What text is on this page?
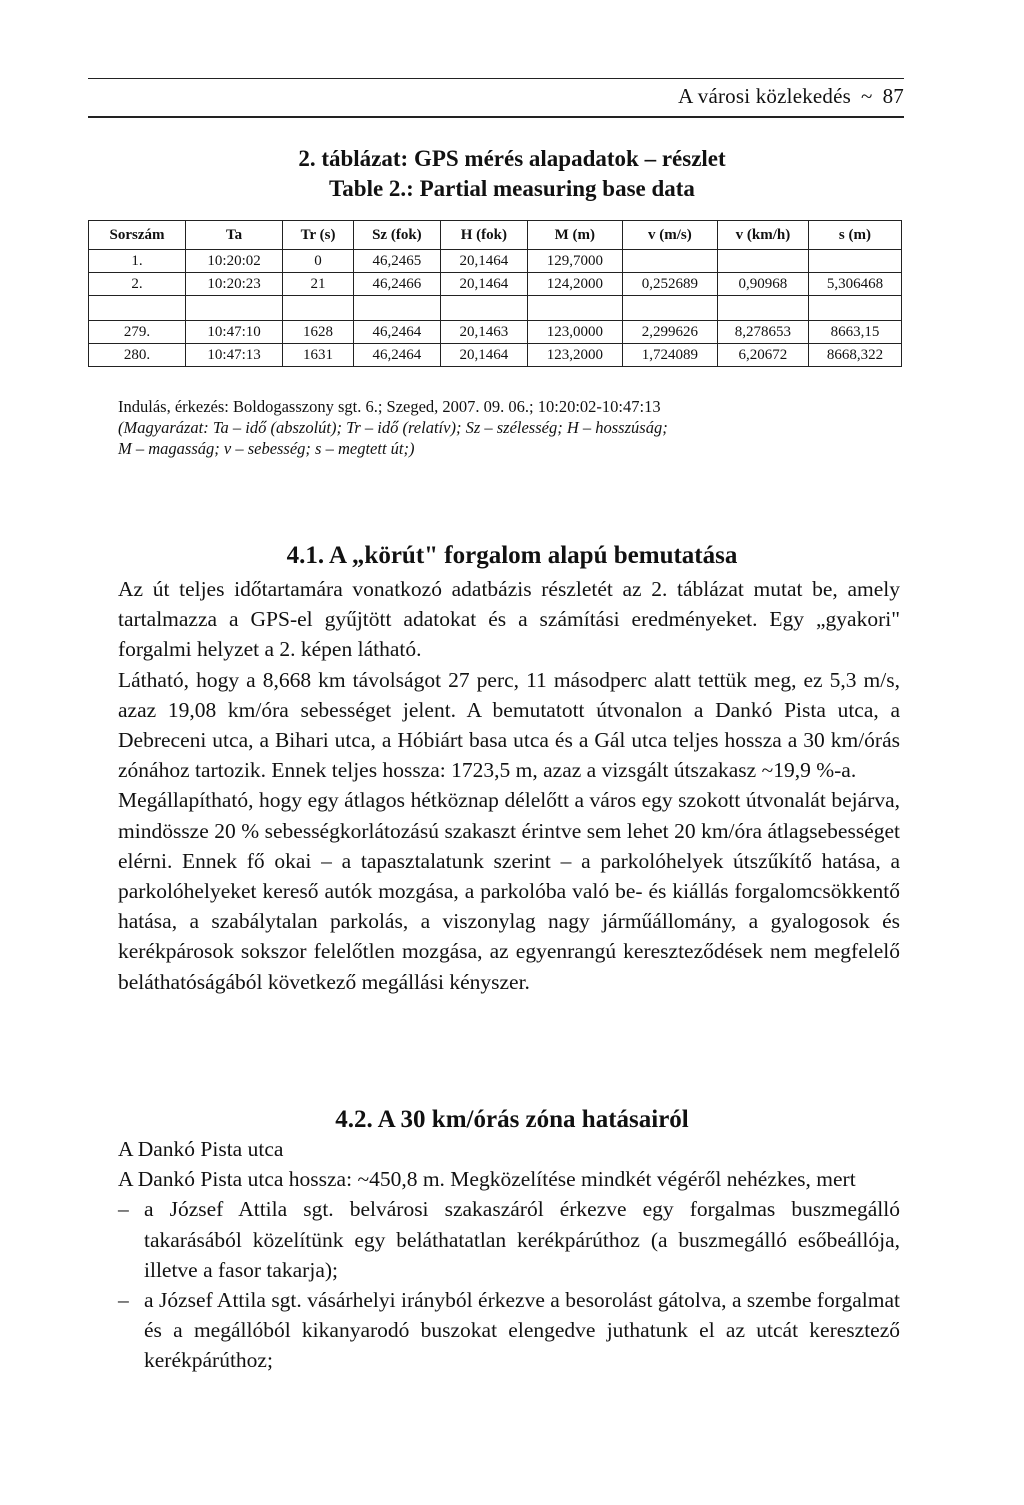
A városi közlekedés ~ 87
2. táblázat: GPS mérés alapadatok – részlet
Table 2.: Partial measuring base data
Sorszám	Ta	Tr (s)	Sz (fok)	H (fok)	M (m)	v (m/s)	v (km/h)	s (m)
1.	10:20:02	0	46,2465	20,1464	129,7000			
2.	10:20:23	21	46,2466	20,1464	124,2000	0,252689	0,90968	5,306468

279.	10:47:10	1628	46,2464	20,1463	123,0000	2,299626	8,278653	8663,15
280.	10:47:13	1631	46,2464	20,1464	123,2000	1,724089	6,20672	8668,322
Indulás, érkezés: Boldogasszony sgt. 6.; Szeged, 2007. 09. 06.; 10:20:02-10:47:13
(Magyarázat: Ta – idő (abszolút); Tr – idő (relatív); Sz – szélesség; H – hosszúság;
M – magasság; v – sebesség; s – megtett út;)
4.1. A „körút" forgalom alapú bemutatása

Az út teljes időtartamára vonatkozó adatbázis részletét az 2. táblázat mutat be, amely tartalmazza a GPS-el gyűjtött adatokat és a számítási eredményeket. Egy „gyakori" forgalmi helyzet a 2. képen látható.

Látható, hogy a 8,668 km távolságot 27 perc, 11 másodperc alatt tettük meg, ez 5,3 m/s, azaz 19,08 km/óra sebességet jelent. A bemutatott útvonalon a Dankó Pista utca, a Debreceni utca, a Bihari utca, a Hóbiárt basa utca és a Gál utca teljes hossza a 30 km/órás zónához tartozik. Ennek teljes hossza: 1723,5 m, azaz a vizsgált útszakasz ~19,9 %-a.

Megállapítható, hogy egy átlagos hétköznap délelőtt a város egy szokott útvonalát bejárva, mindössze 20 % sebességkorlátozású szakaszt érintve sem lehet 20 km/óra átlagsebességet elérni. Ennek fő okai – a tapasztalatunk szerint – a parkolóhelyek útszűkítő hatása, a parkolóhelyeket kereső autók mozgása, a parkolóba való be- és kiállás forgalomcsökkentő hatása, a szabálytalan parkolás, a viszonylag nagy járműállomány, a gyalogosok és kerékpárosok sokszor felelőtlen mozgása, az egyenrangú kereszteződések nem megfelelő beláthatóságából következő megállási kényszer.

4.2. A 30 km/órás zóna hatásairól

A Dankó Pista utca

A Dankó Pista utca hossza: ~450,8 m. Megközelítése mindkét végéről nehézkes, mert

– a József Attila sgt. belvárosi szakaszáról érkezve egy forgalmas buszmegálló takarásából közelítünk egy beláthatatlan kerékpárúthoz (a buszmegálló esőbeállója, illetve a fasor takarja);
– a József Attila sgt. vásárhelyi irányból érkezve a besorolást gátolva, a szembe forgalmat és a megállóból kikanyarodó buszokat elengedve juthatunk el az utcát keresztező kerékpárúthoz;
